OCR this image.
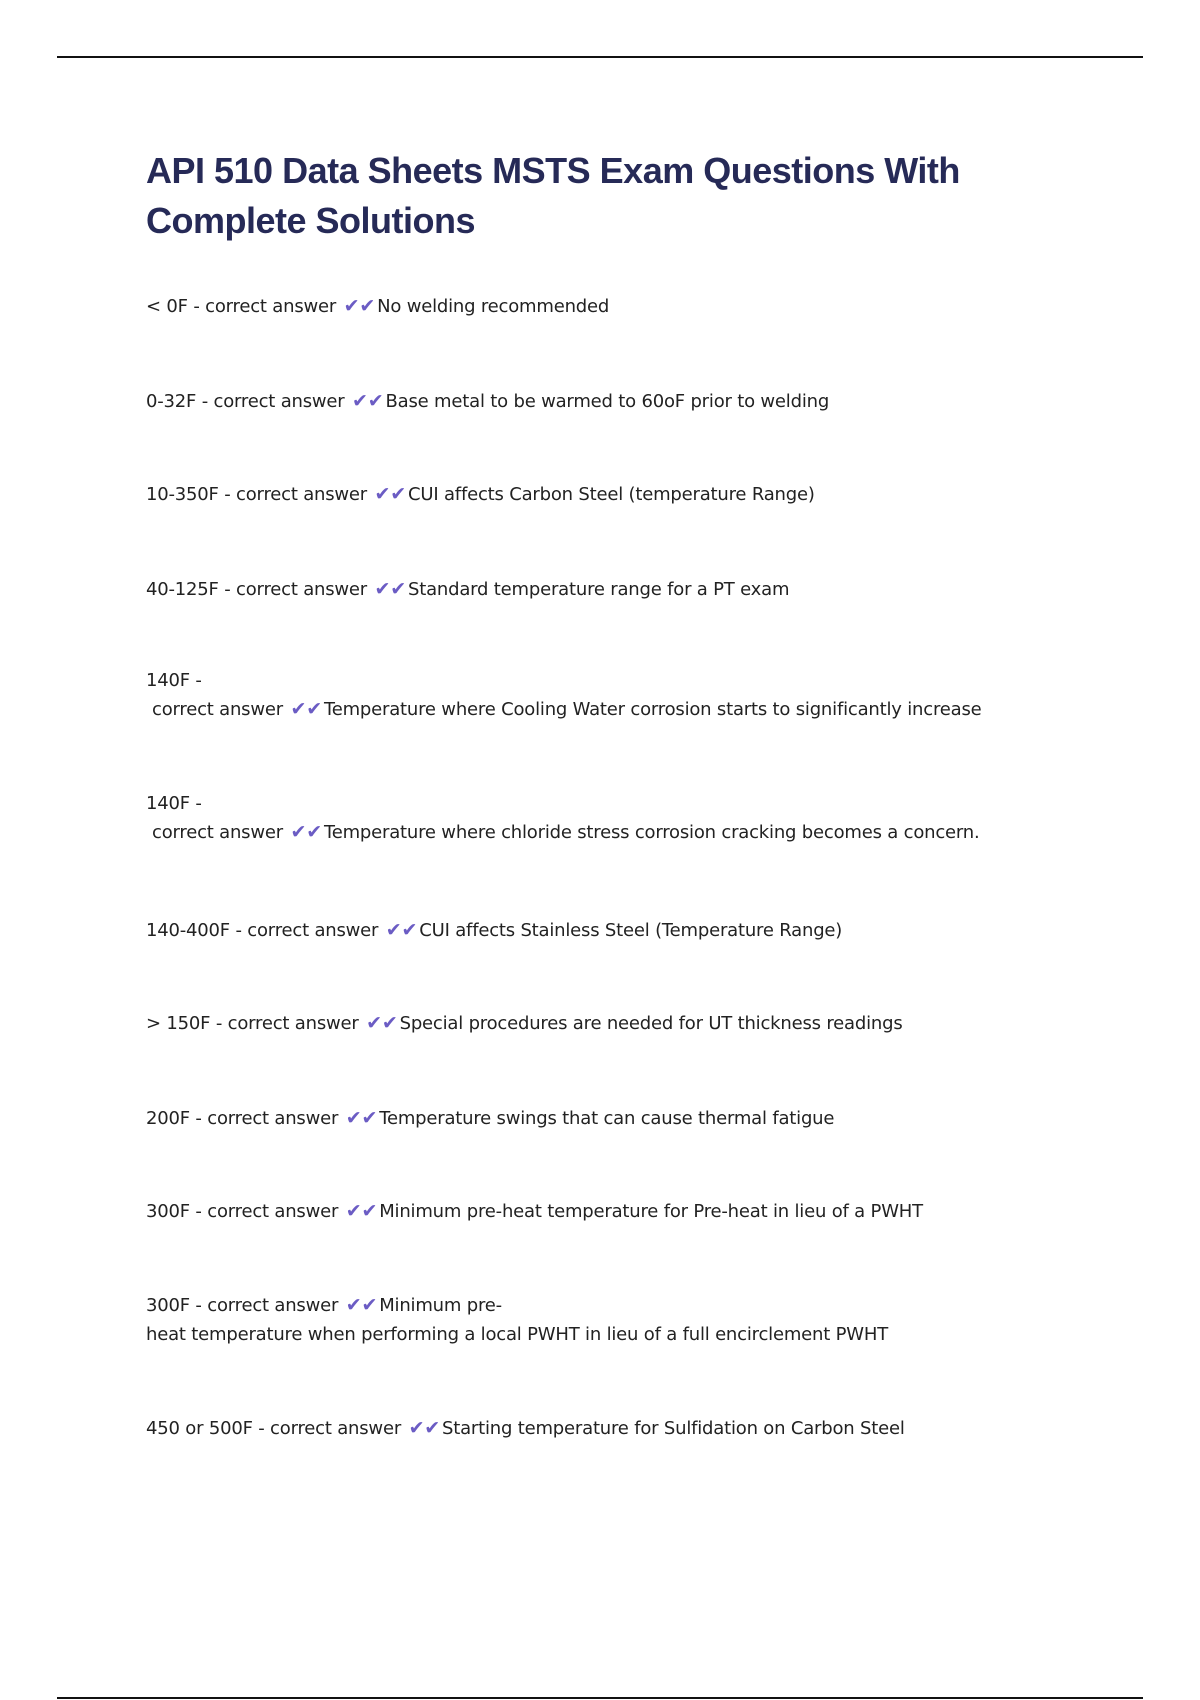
API 510 Data Sheets MSTS Exam Questions With Complete Solutions
< 0F - correct answer ✔✔ No welding recommended
0-32F - correct answer ✔✔ Base metal to be warmed to 60oF prior to welding
10-350F - correct answer ✔✔ CUI affects Carbon Steel (temperature Range)
40-125F - correct answer ✔✔ Standard temperature range for a PT exam
140F -
correct answer ✔✔ Temperature where Cooling Water corrosion starts to significantly increase
140F -
correct answer ✔✔ Temperature where chloride stress corrosion cracking becomes a concern.
140-400F - correct answer ✔✔ CUI affects Stainless Steel (Temperature Range)
> 150F - correct answer ✔✔ Special procedures are needed for UT thickness readings
200F - correct answer ✔✔ Temperature swings that can cause thermal fatigue
300F - correct answer ✔✔ Minimum pre-heat temperature for Pre-heat in lieu of a PWHT
300F - correct answer ✔✔ Minimum pre-
heat temperature when performing a local PWHT in lieu of a full encirclement PWHT
450 or 500F - correct answer ✔✔ Starting temperature for Sulfidation on Carbon Steel
